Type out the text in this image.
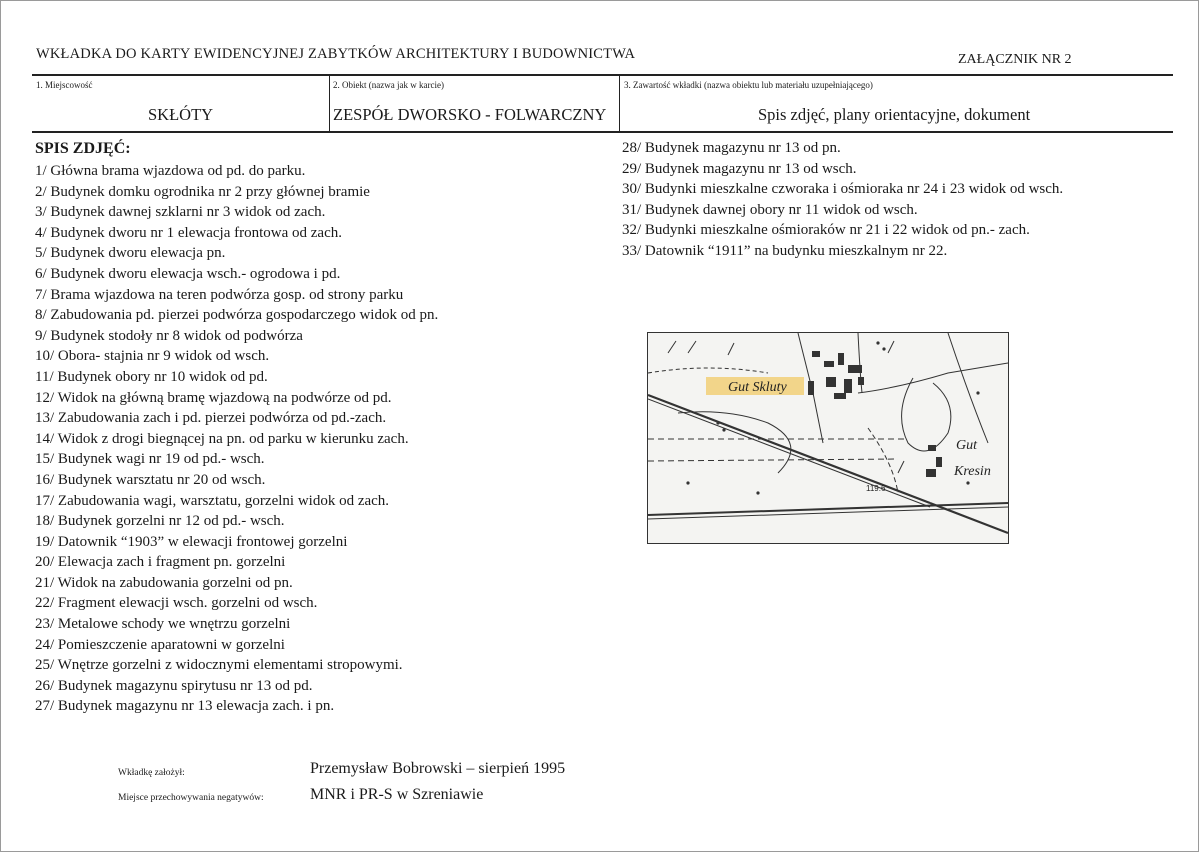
WKŁADKA DO KARTY EWIDENCYJNEJ ZABYTKÓW ARCHITEKTURY I BUDOWNICTWA	ZAŁĄCZNIK NR 2
1. Miejscowość
SKŁÓTY
2. Obiekt (nazwa jak w karcie)
ZESPÓŁ DWORSKO - FOLWARCZNY
3. Zawartość wkładki (nazwa obiektu lub materiału uzupełniającego)
Spis zdjęć, plany orientacyjne, dokument
SPIS ZDJĘĆ:
1/ Główna brama wjazdowa od pd. do parku.
2/ Budynek domku ogrodnika nr 2 przy głównej bramie
3/ Budynek dawnej szklarni nr 3 widok od zach.
4/ Budynek dworu nr 1 elewacja frontowa od zach.
5/ Budynek dworu elewacja pn.
6/ Budynek dworu elewacja wsch.- ogrodowa i pd.
7/ Brama wjazdowa na teren podwórza gosp. od strony parku
8/ Zabudowania pd. pierzei podwórza gospodarczego widok od pn.
9/ Budynek stodoły nr 8 widok od podwórza
10/ Obora- stajnia nr 9 widok od wsch.
11/ Budynek obory nr 10 widok od pd.
12/ Widok na główną bramę wjazdową na podwórze od pd.
13/ Zabudowania zach i pd. pierzei podwórza od pd.-zach.
14/ Widok z drogi biegnącej na pn. od parku w kierunku zach.
15/ Budynek wagi nr 19 od pd.- wsch.
16/ Budynek warsztatu nr 20 od wsch.
17/ Zabudowania wagi, warsztatu, gorzelni widok od zach.
18/ Budynek gorzelni nr 12 od pd.- wsch.
19/ Datownik “1903” w elewacji frontowej gorzelni
20/ Elewacja zach i fragment pn. gorzelni
21/ Widok na zabudowania gorzelni od pn.
22/ Fragment elewacji wsch. gorzelni od wsch.
23/ Metalowe schody we wnętrzu gorzelni
24/ Pomieszczenie aparatowni w gorzelni
25/ Wnętrze gorzelni z widocznymi elementami stropowymi.
26/ Budynek magazynu spirytusu nr 13 od pd.
27/ Budynek magazynu nr 13 elewacja zach. i pn.
28/ Budynek magazynu nr 13 od pn.
29/ Budynek magazynu nr 13 od wsch.
30/ Budynki mieszkalne czworaka i ośmioraka nr 24 i 23 widok od wsch.
31/ Budynek dawnej obory nr 11 widok od wsch.
32/ Budynki mieszkalne ośmioraków nr 21 i 22 widok od pn.- zach.
33/ Datownik “1911” na budynku mieszkalnym nr 22.
Gut Skluty
Gut
Kresin
119.6
Wkładkę założył:	Przemysław Bobrowski – sierpień 1995
Miejsce przechowywania negatywów:	MNR i PR-S w Szreniawie
